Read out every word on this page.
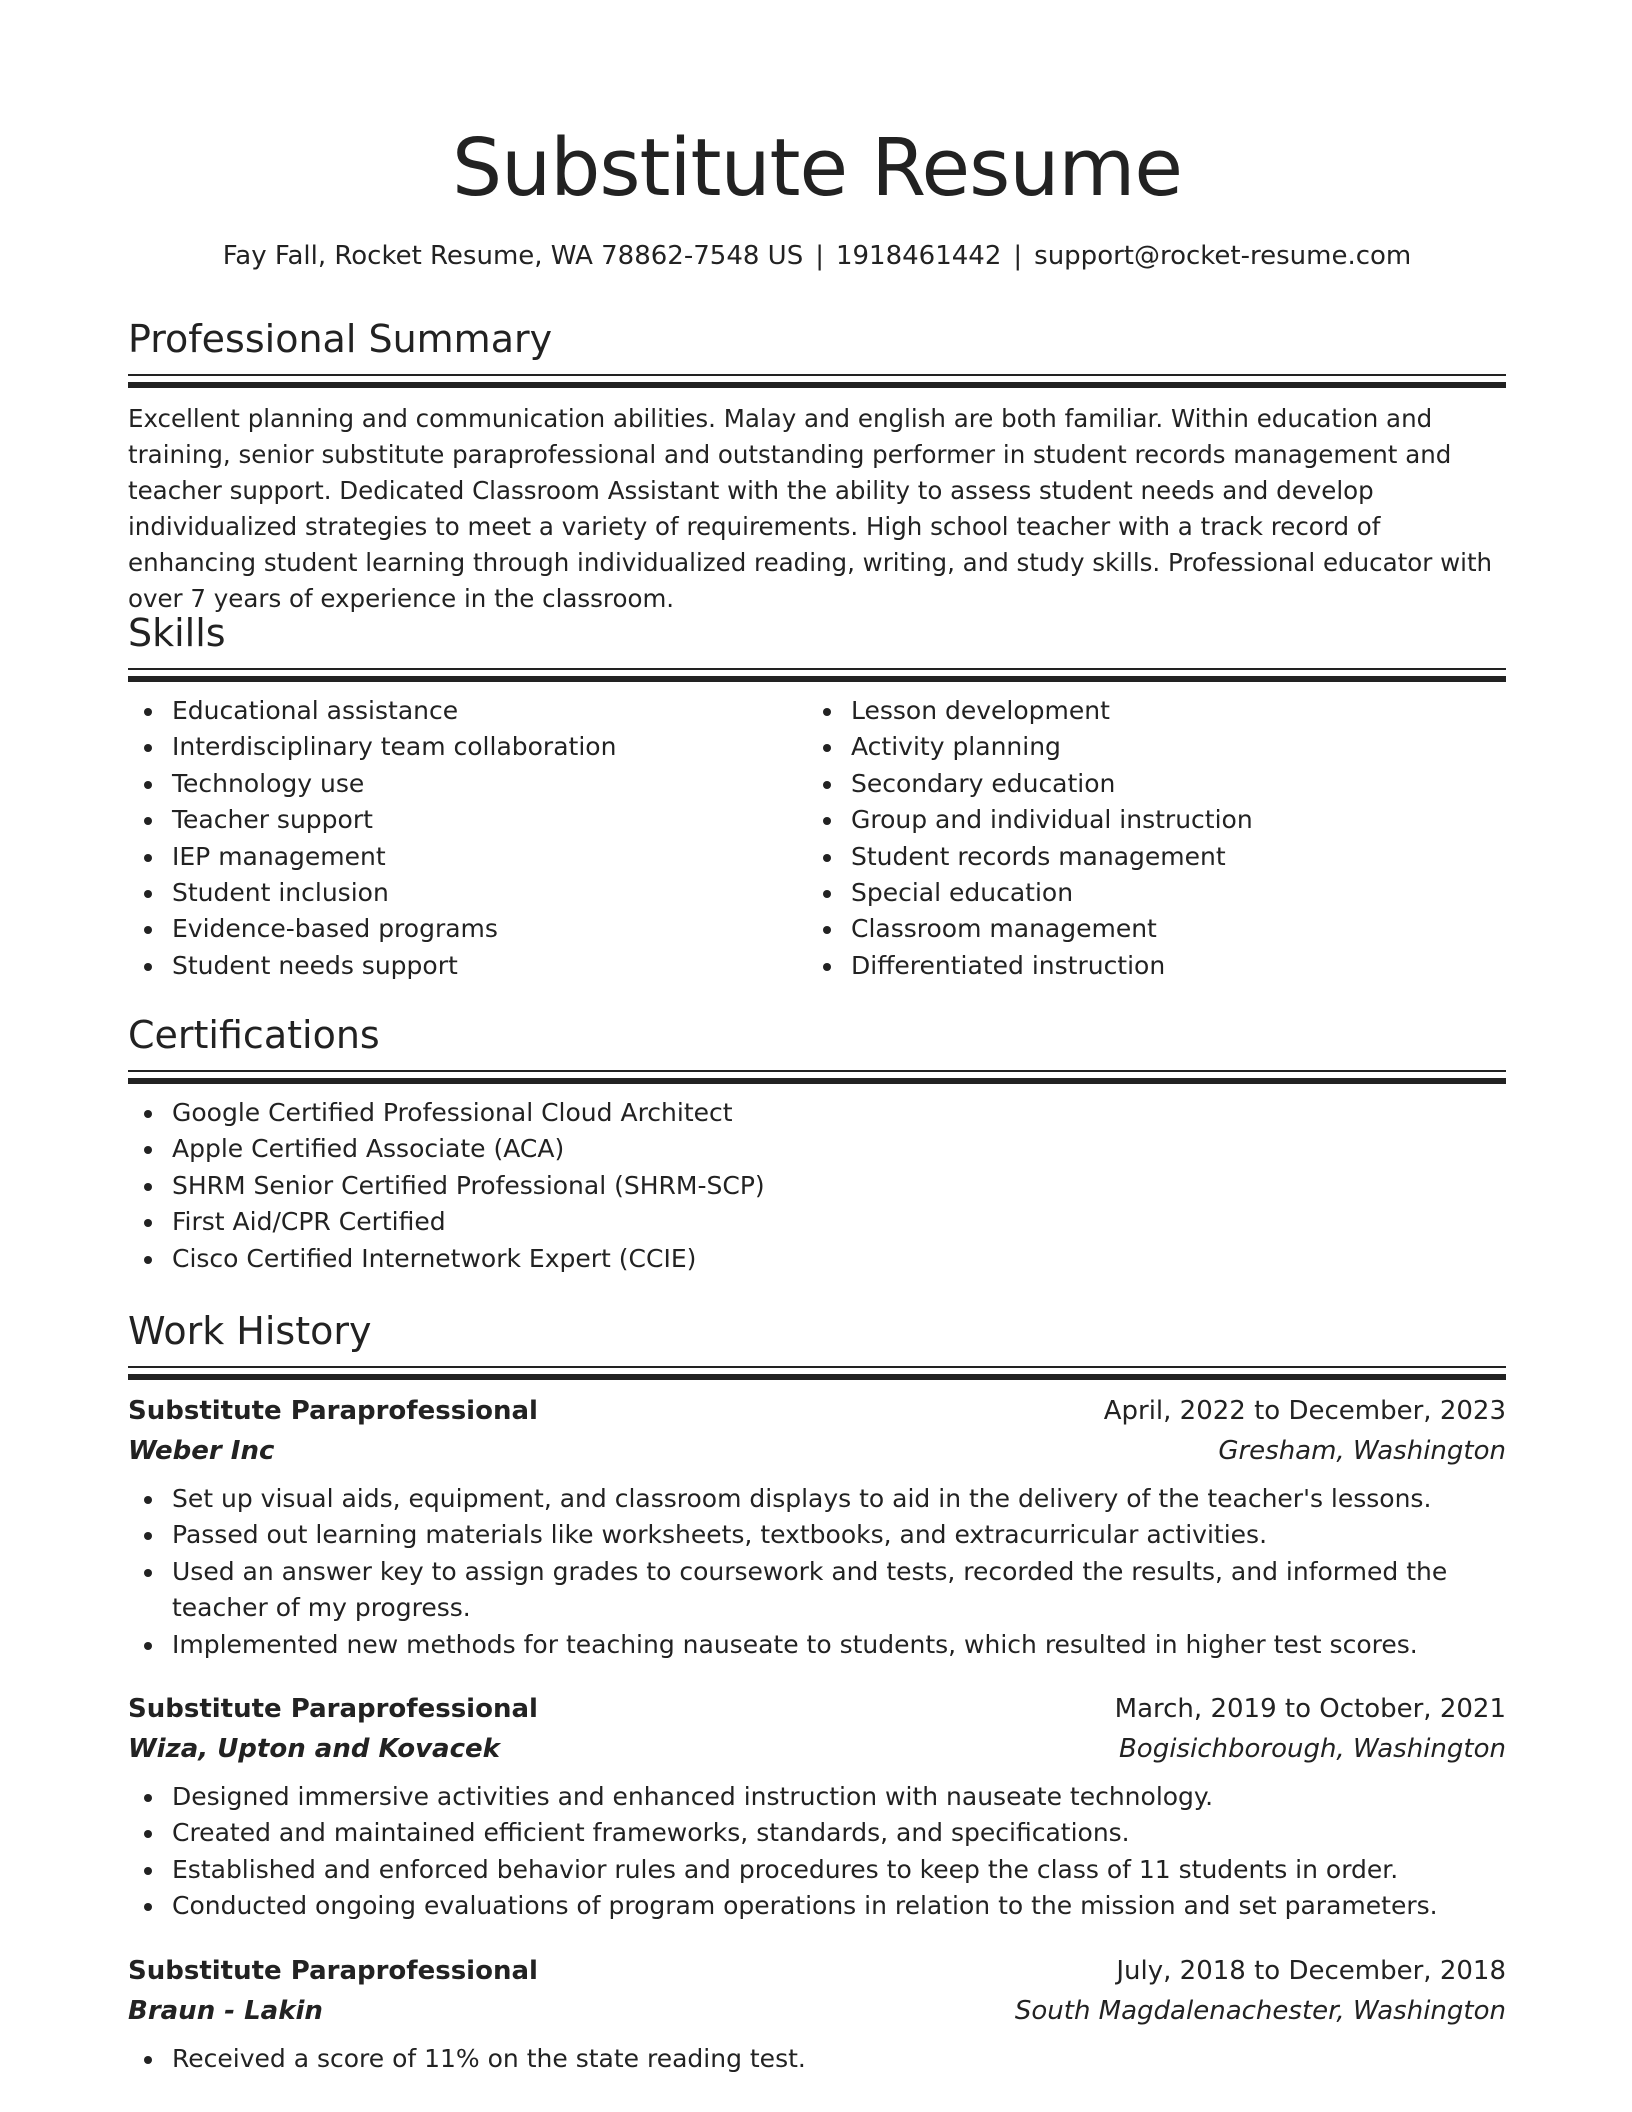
Substitute Resume
Fay Fall, Rocket Resume, WA 78862-7548 US | 1918461442 | support@rocket-resume.com
Professional Summary

Excellent planning and communication abilities. Malay and english are both familiar. Within education and training, senior substitute paraprofessional and outstanding performer in student records management and teacher support. Dedicated Classroom Assistant with the ability to assess student needs and develop individualized strategies to meet a variety of requirements. High school teacher with a track record of enhancing student learning through individualized reading, writing, and study skills. Professional educator with over 7 years of experience in the classroom.

Skills
Educational assistance
Interdisciplinary team collaboration
Technology use
Teacher support
IEP management
Student inclusion
Evidence-based programs
Student needs support
Lesson development
Activity planning
Secondary education
Group and individual instruction
Student records management
Special education
Classroom management
Differentiated instruction
Certifications
Google Certified Professional Cloud Architect
Apple Certified Associate (ACA)
SHRM Senior Certified Professional (SHRM-SCP)
First Aid/CPR Certified
Cisco Certified Internetwork Expert (CCIE)
Work History
Substitute Paraprofessional	April, 2022 to December, 2023
Weber Inc	Gresham, Washington
Set up visual aids, equipment, and classroom displays to aid in the delivery of the teacher's lessons.
Passed out learning materials like worksheets, textbooks, and extracurricular activities.
Used an answer key to assign grades to coursework and tests, recorded the results, and informed the teacher of my progress.
Implemented new methods for teaching nauseate to students, which resulted in higher test scores.
Substitute Paraprofessional	March, 2019 to October, 2021
Wiza, Upton and Kovacek	Bogisichborough, Washington
Designed immersive activities and enhanced instruction with nauseate technology.
Created and maintained efficient frameworks, standards, and specifications.
Established and enforced behavior rules and procedures to keep the class of 11 students in order.
Conducted ongoing evaluations of program operations in relation to the mission and set parameters.
Substitute Paraprofessional	July, 2018 to December, 2018
Braun - Lakin	South Magdalenachester, Washington
Received a score of 11% on the state reading test.
